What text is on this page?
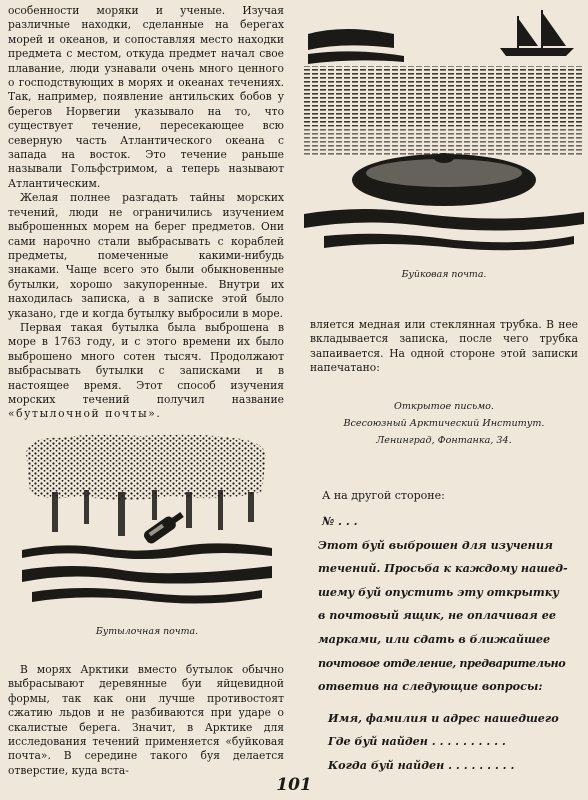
особенности моряки и ученые. Изучая различные находки, сделанные на берегах морей и океанов, и сопоставляя место находки предмета с местом, откуда предмет начал свое плавание, люди узнавали очень много ценного о господствующих в морях и океанах течениях. Так, например, появление антильских бобов у берегов Норвегии указывало на то, что существует течение, пересекающее всю северную часть Атлантического океана с запада на восток. Это течение раньше называли Гольфстримом, а теперь называют Атлантическим.

Желая полнее разгадать тайны морских течений, люди не ограничились изучением выброшенных морем на берег предметов. Они сами нарочно стали выбрасывать с кораблей предметы, помеченные какими-нибудь знаками. Чаще всего это были обыкновенные бутылки, хорошо закупоренные. Внутри их находилась записка, а в записке этой было указано, где и когда бутылку выбросили в море.

Первая такая бутылка была выброшена в море в 1763 году, и с этого времени их было выброшено много сотен тысяч. Продолжают выбрасывать бутылки с записками и в настоящее время. Этот способ изучения морских течений получил название «бутылочной почты».

Бутылочная почта.

В морях Арктики вместо бутылок обычно выбрасывают деревянные буи яйцевидной формы, так как они лучше противостоят сжатию льдов и не разбиваются при ударе о скалистые берега. Значит, в Арктике для исследования течений применяется «буйковая почта». В середине такого буя делается отверстие, куда вста-

Буйковая почта.

вляется медная или стеклянная трубка. В нее вкладывается записка, после чего трубка запаивается. На одной стороне этой записки напечатано:

Открытое письмо.
Всесоюзный Арктический Институт.
Ленинград, Фонтанка, 34.
А на другой стороне:
№ . . .
Этот буй выброшен для изучения
течений. Просьба к каждому нашед-
шему буй опустить эту открытку
в почтовый ящик, не оплачивая ее
марками, или сдать в ближайшее
почтовое отделение, предварительно
ответив на следующие вопросы:
Имя, фамилия и адрес нашедшего
Где буй найден . . . . . . . . . .
Когда буй найден . . . . . . . . .
101
